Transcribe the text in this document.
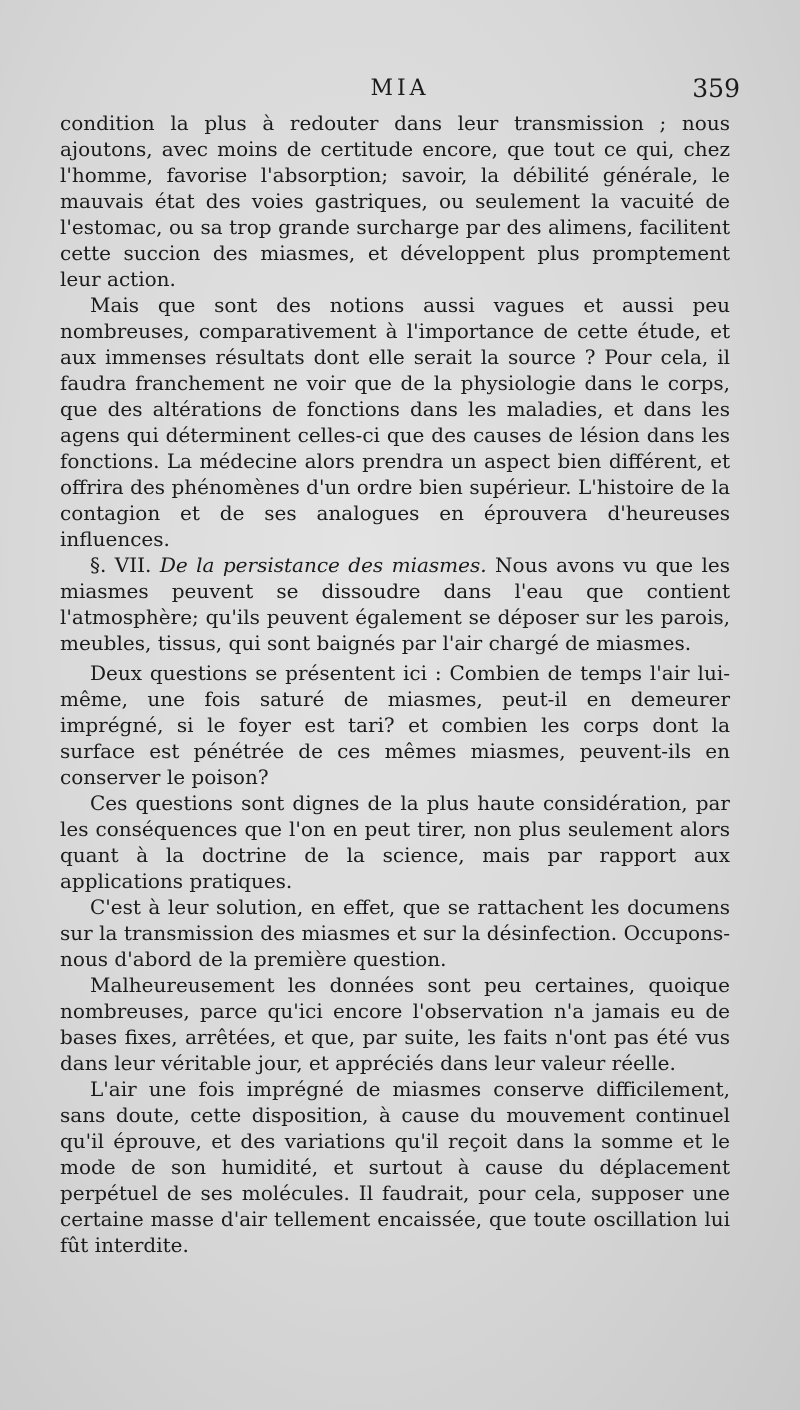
MIA	359

condition la plus à redouter dans leur transmission ; nous ajoutons, avec moins de certitude encore, que tout ce qui, chez l'homme, favorise l'absorption; savoir, la débilité générale, le mauvais état des voies gastriques, ou seulement la vacuité de l'estomac, ou sa trop grande surcharge par des alimens, facilitent cette succion des miasmes, et développent plus promptement leur action.

Mais que sont des notions aussi vagues et aussi peu nombreuses, comparativement à l'importance de cette étude, et aux immenses résultats dont elle serait la source ? Pour cela, il faudra franchement ne voir que de la physiologie dans le corps, que des altérations de fonctions dans les maladies, et dans les agens qui déterminent celles-ci que des causes de lésion dans les fonctions. La médecine alors prendra un aspect bien différent, et offrira des phénomènes d'un ordre bien supérieur. L'histoire de la contagion et de ses analogues en éprouvera d'heureuses influences.

§. VII. De la persistance des miasmes. Nous avons vu que les miasmes peuvent se dissoudre dans l'eau que contient l'atmosphère; qu'ils peuvent également se déposer sur les parois, meubles, tissus, qui sont baignés par l'air chargé de miasmes.

Deux questions se présentent ici : Combien de temps l'air lui-même, une fois saturé de miasmes, peut-il en demeurer imprégné, si le foyer est tari? et combien les corps dont la surface est pénétrée de ces mêmes miasmes, peuvent-ils en conserver le poison?

Ces questions sont dignes de la plus haute considération, par les conséquences que l'on en peut tirer, non plus seulement alors quant à la doctrine de la science, mais par rapport aux applications pratiques.

C'est à leur solution, en effet, que se rattachent les documens sur la transmission des miasmes et sur la désinfection. Occupons-nous d'abord de la première question.

Malheureusement les données sont peu certaines, quoique nombreuses, parce qu'ici encore l'observation n'a jamais eu de bases fixes, arrêtées, et que, par suite, les faits n'ont pas été vus dans leur véritable jour, et appréciés dans leur valeur réelle.

L'air une fois imprégné de miasmes conserve difficilement, sans doute, cette disposition, à cause du mouvement continuel qu'il éprouve, et des variations qu'il reçoit dans la somme et le mode de son humidité, et surtout à cause du déplacement perpétuel de ses molécules. Il faudrait, pour cela, supposer une certaine masse d'air tellement encaissée, que toute oscillation lui fût interdite.
